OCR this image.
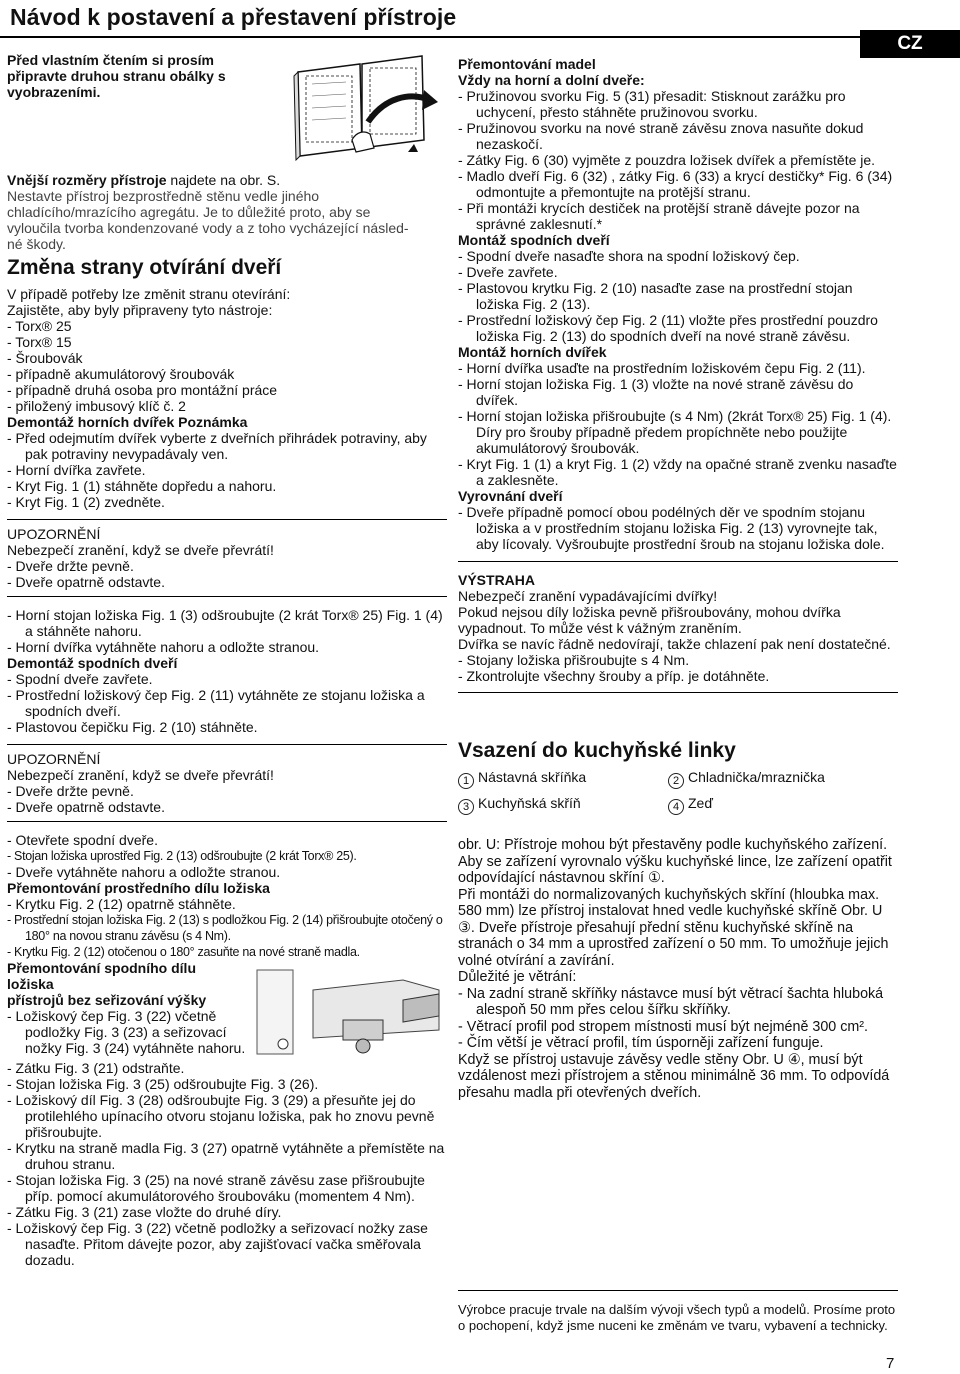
Návod k postavení a přestavení přístroje
CZ
Před vlastním čtením si prosím
připravte druhou stranu obálky s
vyobrazeními.
Vnější rozměry přístroje najdete na obr. S.
Nestavte přístroj bezprostředně stěnu vedle jiného
chladícího/mrazícího agregátu. Je to důležité proto, aby se
vyloučila tvorba kondenzované vody a z toho vycházející násled-
né škody.
Změna strany otvírání dveří
V případě potřeby lze změnit stranu otevírání:
Zajistěte, aby byly připraveny tyto nástroje:
- Torx® 25
- Torx® 15
- Šroubovák
- případně akumulátorový šroubovák
- případně druhá osoba pro montážní práce
- přiložený imbusový klíč č. 2
Demontáž horních dvířek Poznámka
- Před odejmutím dvířek vyberte z dveřních přihrádek potraviny, aby pak potraviny nevypadávaly ven.
- Horní dvířka zavřete.
- Kryt Fig. 1 (1) stáhněte dopředu a nahoru.
- Kryt Fig. 1 (2) zvedněte.
UPOZORNĚNÍ
Nebezpečí zranění, když se dveře převrátí!
- Dveře držte pevně.
- Dveře opatrně odstavte.
- Horní stojan ložiska Fig. 1 (3) odšroubujte (2 krát Torx® 25) Fig. 1 (4) a stáhněte nahoru.
- Horní dvířka vytáhněte nahoru a odložte stranou.
Demontáž spodních dveří
- Spodní dveře zavřete.
- Prostřední ložiskový čep Fig. 2 (11) vytáhněte ze stojanu ložiska a spodních dveří.
- Plastovou čepičku Fig. 2 (10) stáhněte.
UPOZORNĚNÍ
Nebezpečí zranění, když se dveře převrátí!
- Dveře držte pevně.
- Dveře opatrně odstavte.
- Otevřete spodní dveře.
- Stojan ložiska uprostřed Fig. 2 (13) odšroubujte (2 krát Torx® 25).
- Dveře vytáhněte nahoru a odložte stranou.
Přemontování prostředního dílu ložiska
- Krytku Fig. 2 (12) opatrně stáhněte.
- Prostřední stojan ložiska Fig. 2 (13) s podložkou Fig. 2 (14) přišroubujte otočený o 180° na novou stranu závěsu (s 4 Nm).
- Krytku Fig. 2 (12) otočenou o 180° zasuňte na nové straně madla.
Přemontování spodního dílu
ložiska
přístrojů bez seřizování výšky
- Ložiskový čep Fig. 3 (22) včetně podložky Fig. 3 (23) a seřizovací nožky Fig. 3 (24) vytáhněte nahoru.
- Zátku Fig. 3 (21) odstraňte.
- Stojan ložiska Fig. 3 (25) odšroubujte Fig. 3 (26).
- Ložiskový díl Fig. 3 (28) odšroubujte Fig. 3 (29) a přesuňte jej do protilehlého upínacího otvoru stojanu ložiska, pak ho znovu pevně přišroubujte.
- Krytku na straně madla Fig. 3 (27) opatrně vytáhněte a přemístěte na druhou stranu.
- Stojan ložiska Fig. 3 (25) na nové straně závěsu zase přišroubujte příp. pomocí akumulátorového šroubováku (momentem 4 Nm).
- Zátku Fig. 3 (21) zase vložte do druhé díry.
- Ložiskový čep Fig. 3 (22) včetně podložky a seřizovací nožky zase nasaďte. Přitom dávejte pozor, aby zajišťovací vačka směřovala dozadu.
Přemontování madel
Vždy na horní a dolní dveře:
- Pružinovou svorku Fig. 5 (31) přesadit: Stisknout zarážku pro uchycení, přesto stáhněte pružinovou svorku.
- Pružinovou svorku na nové straně závěsu znova nasuňte dokud nezaskočí.
- Zátky Fig. 6 (30) vyjměte z pouzdra ložisek dvířek a přemístěte je.
- Madlo dveří Fig. 6 (32) , zátky Fig. 6 (33) a krycí destičky* Fig. 6 (34) odmontujte a přemontujte na protější stranu.
- Při montáži krycích destiček na protější straně dávejte pozor na správné zaklesnutí.*
Montáž spodních dveří
- Spodní dveře nasaďte shora na spodní ložiskový čep.
- Dveře zavřete.
- Plastovou krytku Fig. 2 (10) nasaďte zase na prostřední stojan ložiska Fig. 2 (13).
- Prostřední ložiskový čep Fig. 2 (11) vložte přes prostřední pouzdro ložiska Fig. 2 (13) do spodních dveří na nové straně závěsu.
Montáž horních dvířek
- Horní dvířka usaďte na prostředním ložiskovém čepu Fig. 2 (11).
- Horní stojan ložiska Fig. 1 (3) vložte na nové straně závěsu do dvířek.
- Horní stojan ložiska přišroubujte (s 4 Nm) (2krát Torx® 25) Fig. 1 (4). Díry pro šrouby případně předem propíchněte nebo použijte akumulátorový šroubovák.
- Kryt Fig. 1 (1) a kryt Fig. 1 (2) vždy na opačné straně zvenku nasaďte a zaklesněte.
Vyrovnání dveří
- Dveře případně pomocí obou podélných děr ve spodním stojanu ložiska a v prostředním stojanu ložiska Fig. 2 (13) vyrovnejte tak, aby lícovaly. Vyšroubujte prostřední šroub na stojanu ložiska dole.
VÝSTRAHA
Nebezpečí zranění vypadávajícími dvířky!
Pokud nejsou díly ložiska pevně přišroubovány, mohou dvířka vypadnout. To může vést k vážným zraněním.
Dvířka se navíc řádně nedovírají, takže chlazení pak není dostatečné.
- Stojany ložiska přišroubujte s 4 Nm.
- Zkontrolujte všechny šrouby a příp. je dotáhněte.
Vsazení do kuchyňské linky
1 Nástavná skříňka	2 Chladnička/mraznička
3 Kuchyňská skříň	4 Zeď
obr. U: Přístroje mohou být přestavěny podle kuchyňského zařízení. Aby se zařízení vyrovnalo výšku kuchyňské lince, lze zařízení opatřit odpovídající nástavnou skříní ①.
Při montáži do normalizovaných kuchyňských skříní (hloubka max. 580 mm) lze přístroj instalovat hned vedle kuchyňské skříně Obr. U ③. Dveře přístroje přesahují přední stěnu kuchyňské skříně na stranách o 34 mm a uprostřed zařízení o 50 mm. To umožňuje jejich volné otvírání a zavírání.
Důležité je větrání:
- Na zadní straně skříňky nástavce musí být větrací šachta hluboká alespoň 50 mm přes celou šířku skříňky.
- Větrací profil pod stropem místnosti musí být nejméně 300 cm².
- Čím větší je větrací profil, tím úsporněji zařízení funguje.
Když se přístroj ustavuje závěsy vedle stěny Obr. U ④, musí být vzdálenost mezi přístrojem a stěnou minimálně 36 mm. To odpovídá přesahu madla při otevřených dveřích.
Výrobce pracuje trvale na dalším vývoji všech typů a modelů. Prosíme proto o pochopení, když jsme nuceni ke změnám ve tvaru, vybavení a technicky.
7
